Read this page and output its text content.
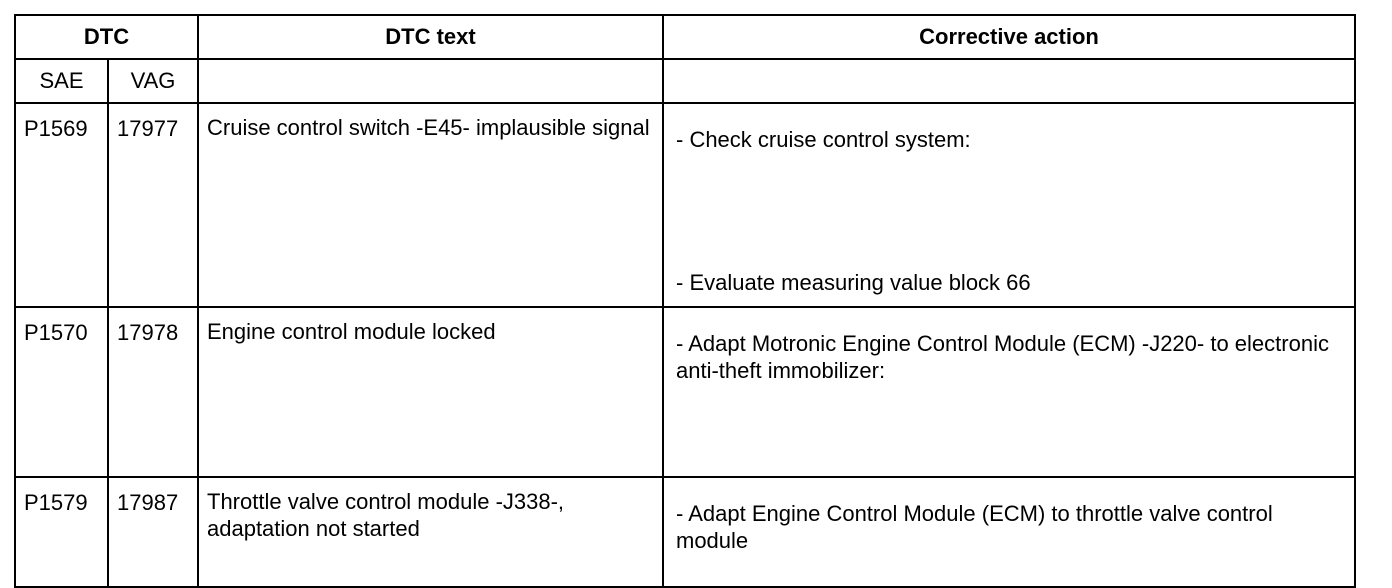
DTC		DTC text	Corrective action
SAE	VAG		
P1569	17977	Cruise control switch -E45- implausible signal	- Check cruise control system:
- Evaluate measuring value block 66

P1570	17978	Engine control module locked	- Adapt Motronic Engine Control Module (ECM) -J220- to electronic anti-theft immobilizer:

P1579	17987	Throttle valve control module -J338-, adaptation not started	- Adapt Engine Control Module (ECM) to throttle valve control module
